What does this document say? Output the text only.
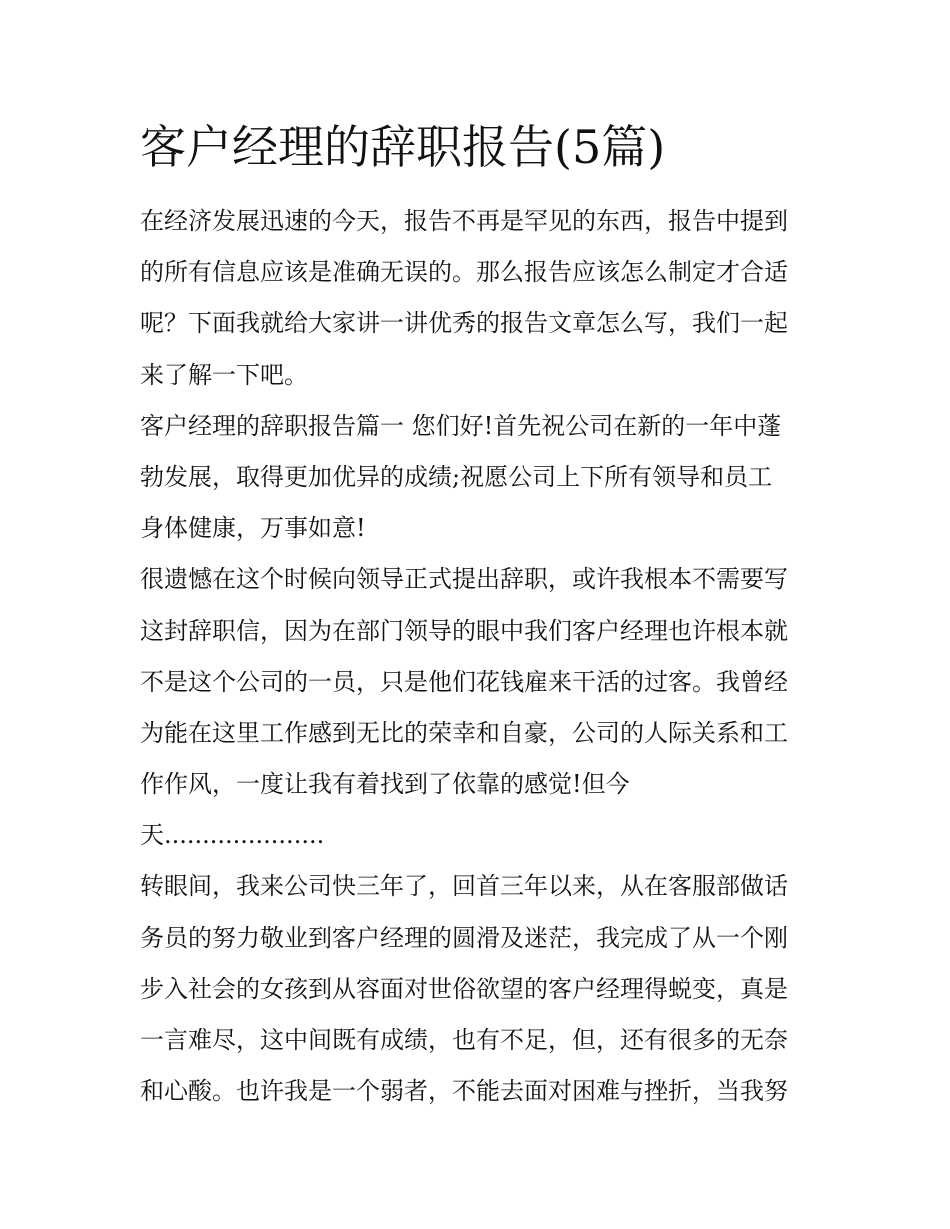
客户经理的辞职报告(5篇)
在经济发展迅速的今天，报告不再是罕见的东西，报告中提到
的所有信息应该是准确无误的。那么报告应该怎么制定才合适
呢？下面我就给大家讲一讲优秀的报告文章怎么写，我们一起
来了解一下吧。
客户经理的辞职报告篇一 您们好!首先祝公司在新的一年中蓬
勃发展，取得更加优异的成绩;祝愿公司上下所有领导和员工
身体健康，万事如意!
很遗憾在这个时候向领导正式提出辞职，或许我根本不需要写
这封辞职信，因为在部门领导的眼中我们客户经理也许根本就
不是这个公司的一员，只是他们花钱雇来干活的过客。我曾经
为能在这里工作感到无比的荣幸和自豪，公司的人际关系和工
作作风，一度让我有着找到了依靠的感觉!但今
天.....................
转眼间，我来公司快三年了，回首三年以来，从在客服部做话
务员的努力敬业到客户经理的圆滑及迷茫，我完成了从一个刚
步入社会的女孩到从容面对世俗欲望的客户经理得蜕变，真是
一言难尽，这中间既有成绩，也有不足，但，还有很多的无奈
和心酸。也许我是一个弱者，不能去面对困难与挫折，当我努
